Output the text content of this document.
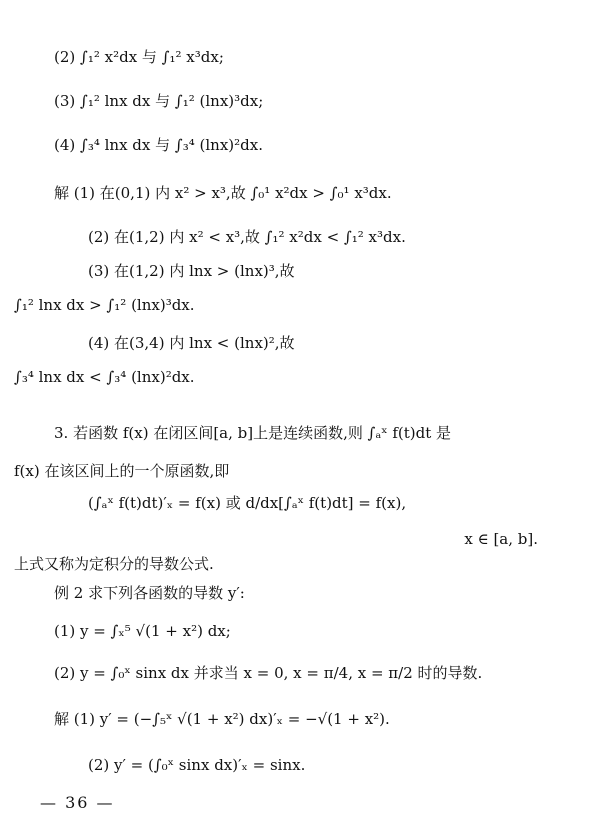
(2) ∫₁² x²dx 与 ∫₁² x³dx;
(3) ∫₁² lnx dx 与 ∫₁² (lnx)³dx;
(4) ∫₃⁴ lnx dx 与 ∫₃⁴ (lnx)²dx.
解 (1) 在(0,1) 内 x² > x³,故 ∫₀¹ x²dx > ∫₀¹ x³dx.
(2) 在(1,2) 内 x² < x³,故 ∫₁² x²dx < ∫₁² x³dx.
(3) 在(1,2) 内 lnx > (lnx)³,故
∫₁² lnx dx > ∫₁² (lnx)³dx.
(4) 在(3,4) 内 lnx < (lnx)²,故
∫₃⁴ lnx dx < ∫₃⁴ (lnx)²dx.
3. 若函数 f(x) 在闭区间[a, b]上是连续函数,则 ∫ₐˣ f(t)dt 是
f(x) 在该区间上的一个原函数,即
(∫ₐˣ f(t)dt)′ₓ = f(x) 或 d/dx[∫ₐˣ f(t)dt] = f(x),
x ∈ [a, b].
上式又称为定积分的导数公式.
例 2 求下列各函数的导数 y′:
(1) y = ∫ₓ⁵ √(1 + x²) dx;
(2) y = ∫₀ˣ sinx dx 并求当 x = 0, x = π/4, x = π/2 时的导数.
解 (1) y′ = (−∫₅ˣ √(1 + x²) dx)′ₓ = −√(1 + x²).
(2) y′ = (∫₀ˣ sinx dx)′ₓ = sinx.
— 36 —
